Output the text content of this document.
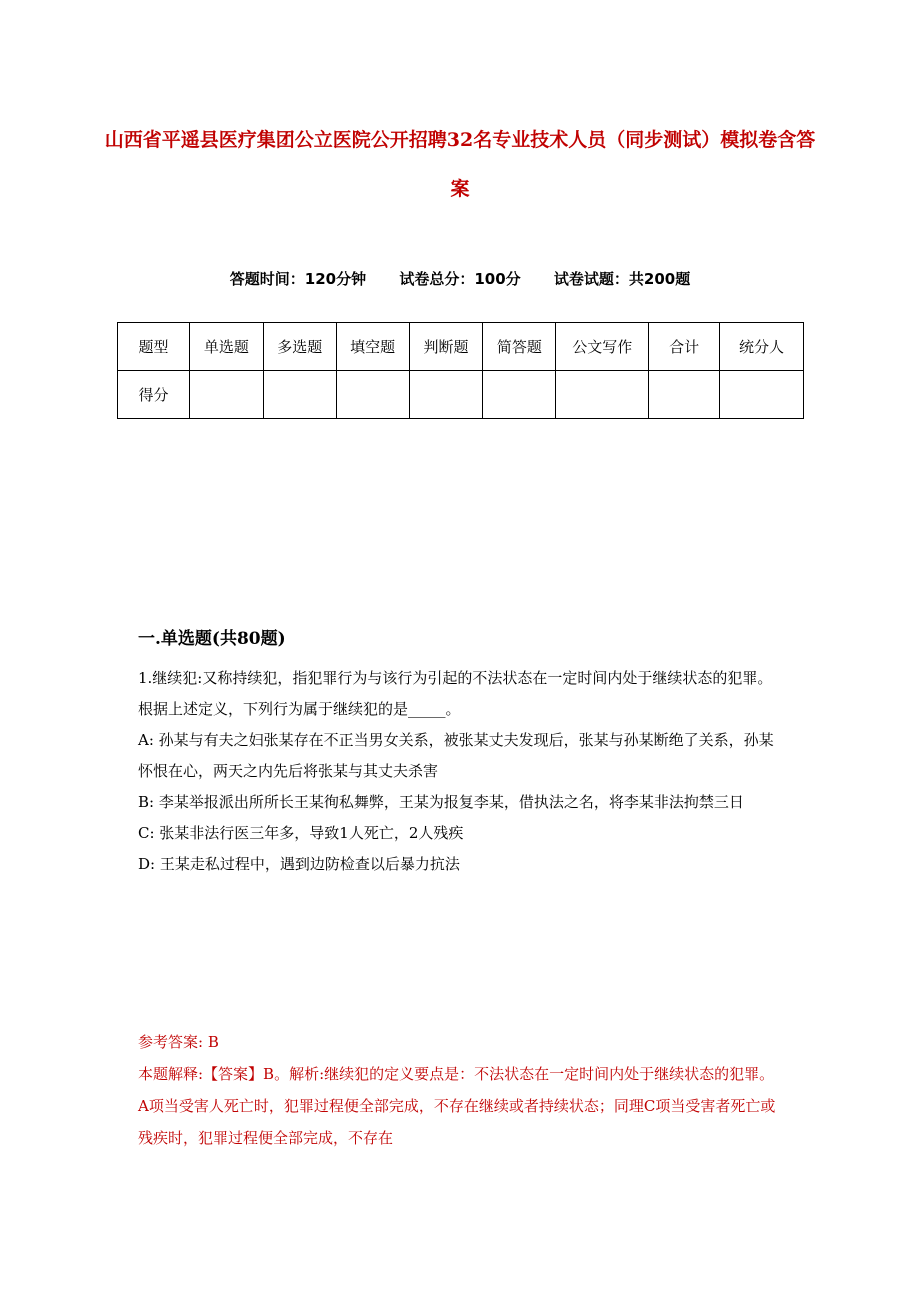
山西省平遥县医疗集团公立医院公开招聘32名专业技术人员（同步测试）模拟卷含答案
答题时间：120分钟 试卷总分：100分 试卷试题：共200题
题型	单选题	多选题	填空题	判断题	简答题	公文写作	合计	统分人
得分								
一.单选题(共80题)

1.继续犯:又称持续犯，指犯罪行为与该行为引起的不法状态在一定时间内处于继续状态的犯罪。

根据上述定义，下列行为属于继续犯的是_____。

A: 孙某与有夫之妇张某存在不正当男女关系，被张某丈夫发现后，张某与孙某断绝了关系，孙某怀恨在心，两天之内先后将张某与其丈夫杀害

B: 李某举报派出所所长王某徇私舞弊，王某为报复李某，借执法之名，将李某非法拘禁三日

C: 张某非法行医三年多，导致1人死亡，2人残疾

D: 王某走私过程中，遇到边防检查以后暴力抗法

参考答案: B

本题解释:【答案】B。解析:继续犯的定义要点是：不法状态在一定时间内处于继续状态的犯罪。A项当受害人死亡时，犯罪过程便全部完成，不存在继续或者持续状态；同理C项当受害者死亡或残疾时，犯罪过程便全部完成，不存在
